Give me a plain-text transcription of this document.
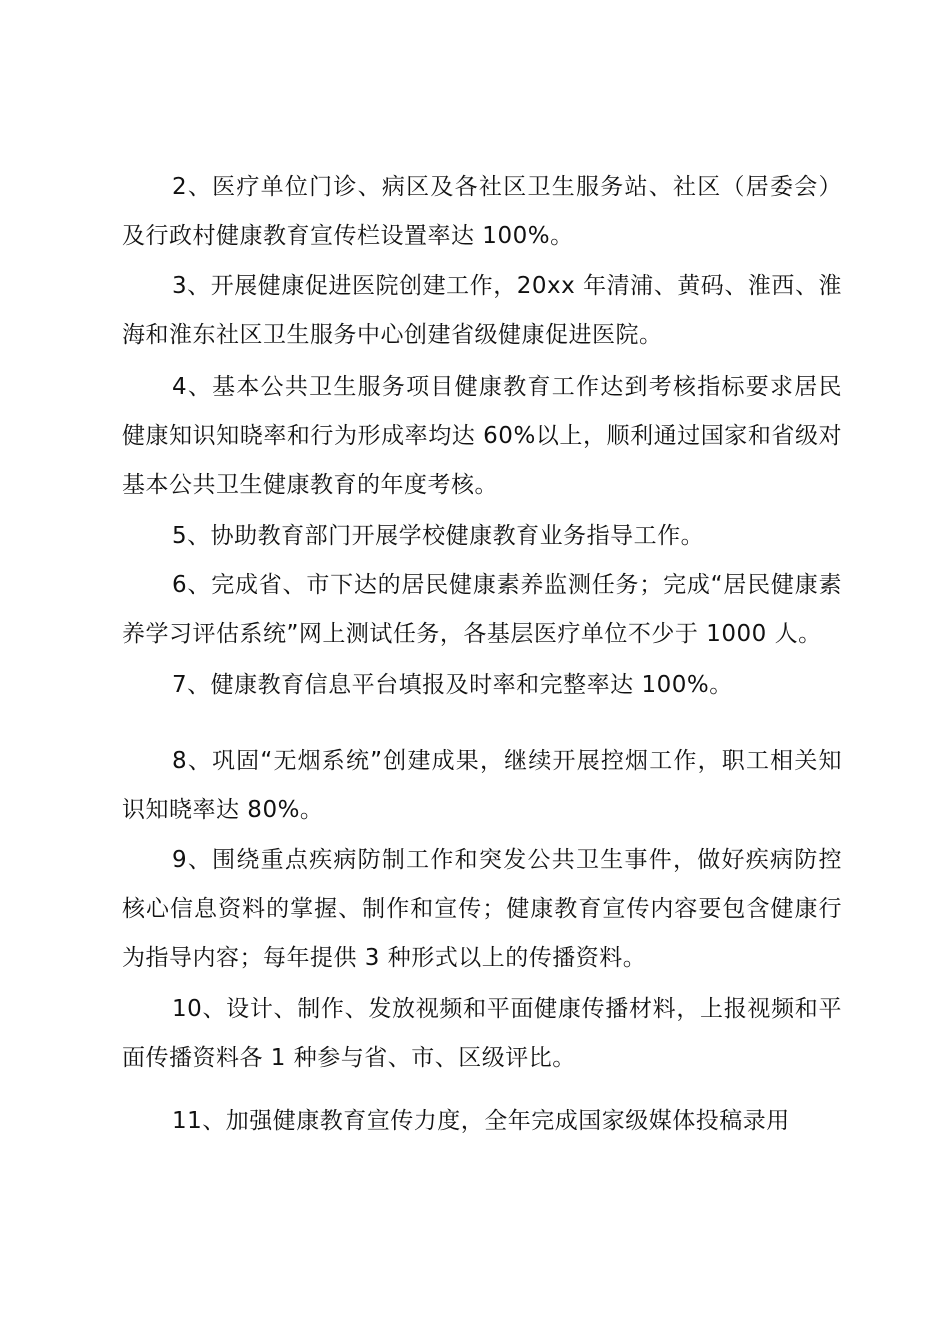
2、医疗单位门诊、病区及各社区卫生服务站、社区（居委会）及行政村健康教育宣传栏设置率达 100%。

3、开展健康促进医院创建工作，20xx 年清浦、黄码、淮西、淮海和淮东社区卫生服务中心创建省级健康促进医院。

4、基本公共卫生服务项目健康教育工作达到考核指标要求居民健康知识知晓率和行为形成率均达 60%以上，顺利通过国家和省级对基本公共卫生健康教育的年度考核。

5、协助教育部门开展学校健康教育业务指导工作。

6、完成省、市下达的居民健康素养监测任务；完成“居民健康素养学习评估系统”网上测试任务，各基层医疗单位不少于 1000 人。

7、健康教育信息平台填报及时率和完整率达 100%。

8、巩固“无烟系统”创建成果，继续开展控烟工作，职工相关知识知晓率达 80%。

9、围绕重点疾病防制工作和突发公共卫生事件，做好疾病防控核心信息资料的掌握、制作和宣传；健康教育宣传内容要包含健康行为指导内容；每年提供 3 种形式以上的传播资料。

10、设计、制作、发放视频和平面健康传播材料，上报视频和平面传播资料各 1 种参与省、市、区级评比。

11、加强健康教育宣传力度，全年完成国家级媒体投稿录用
